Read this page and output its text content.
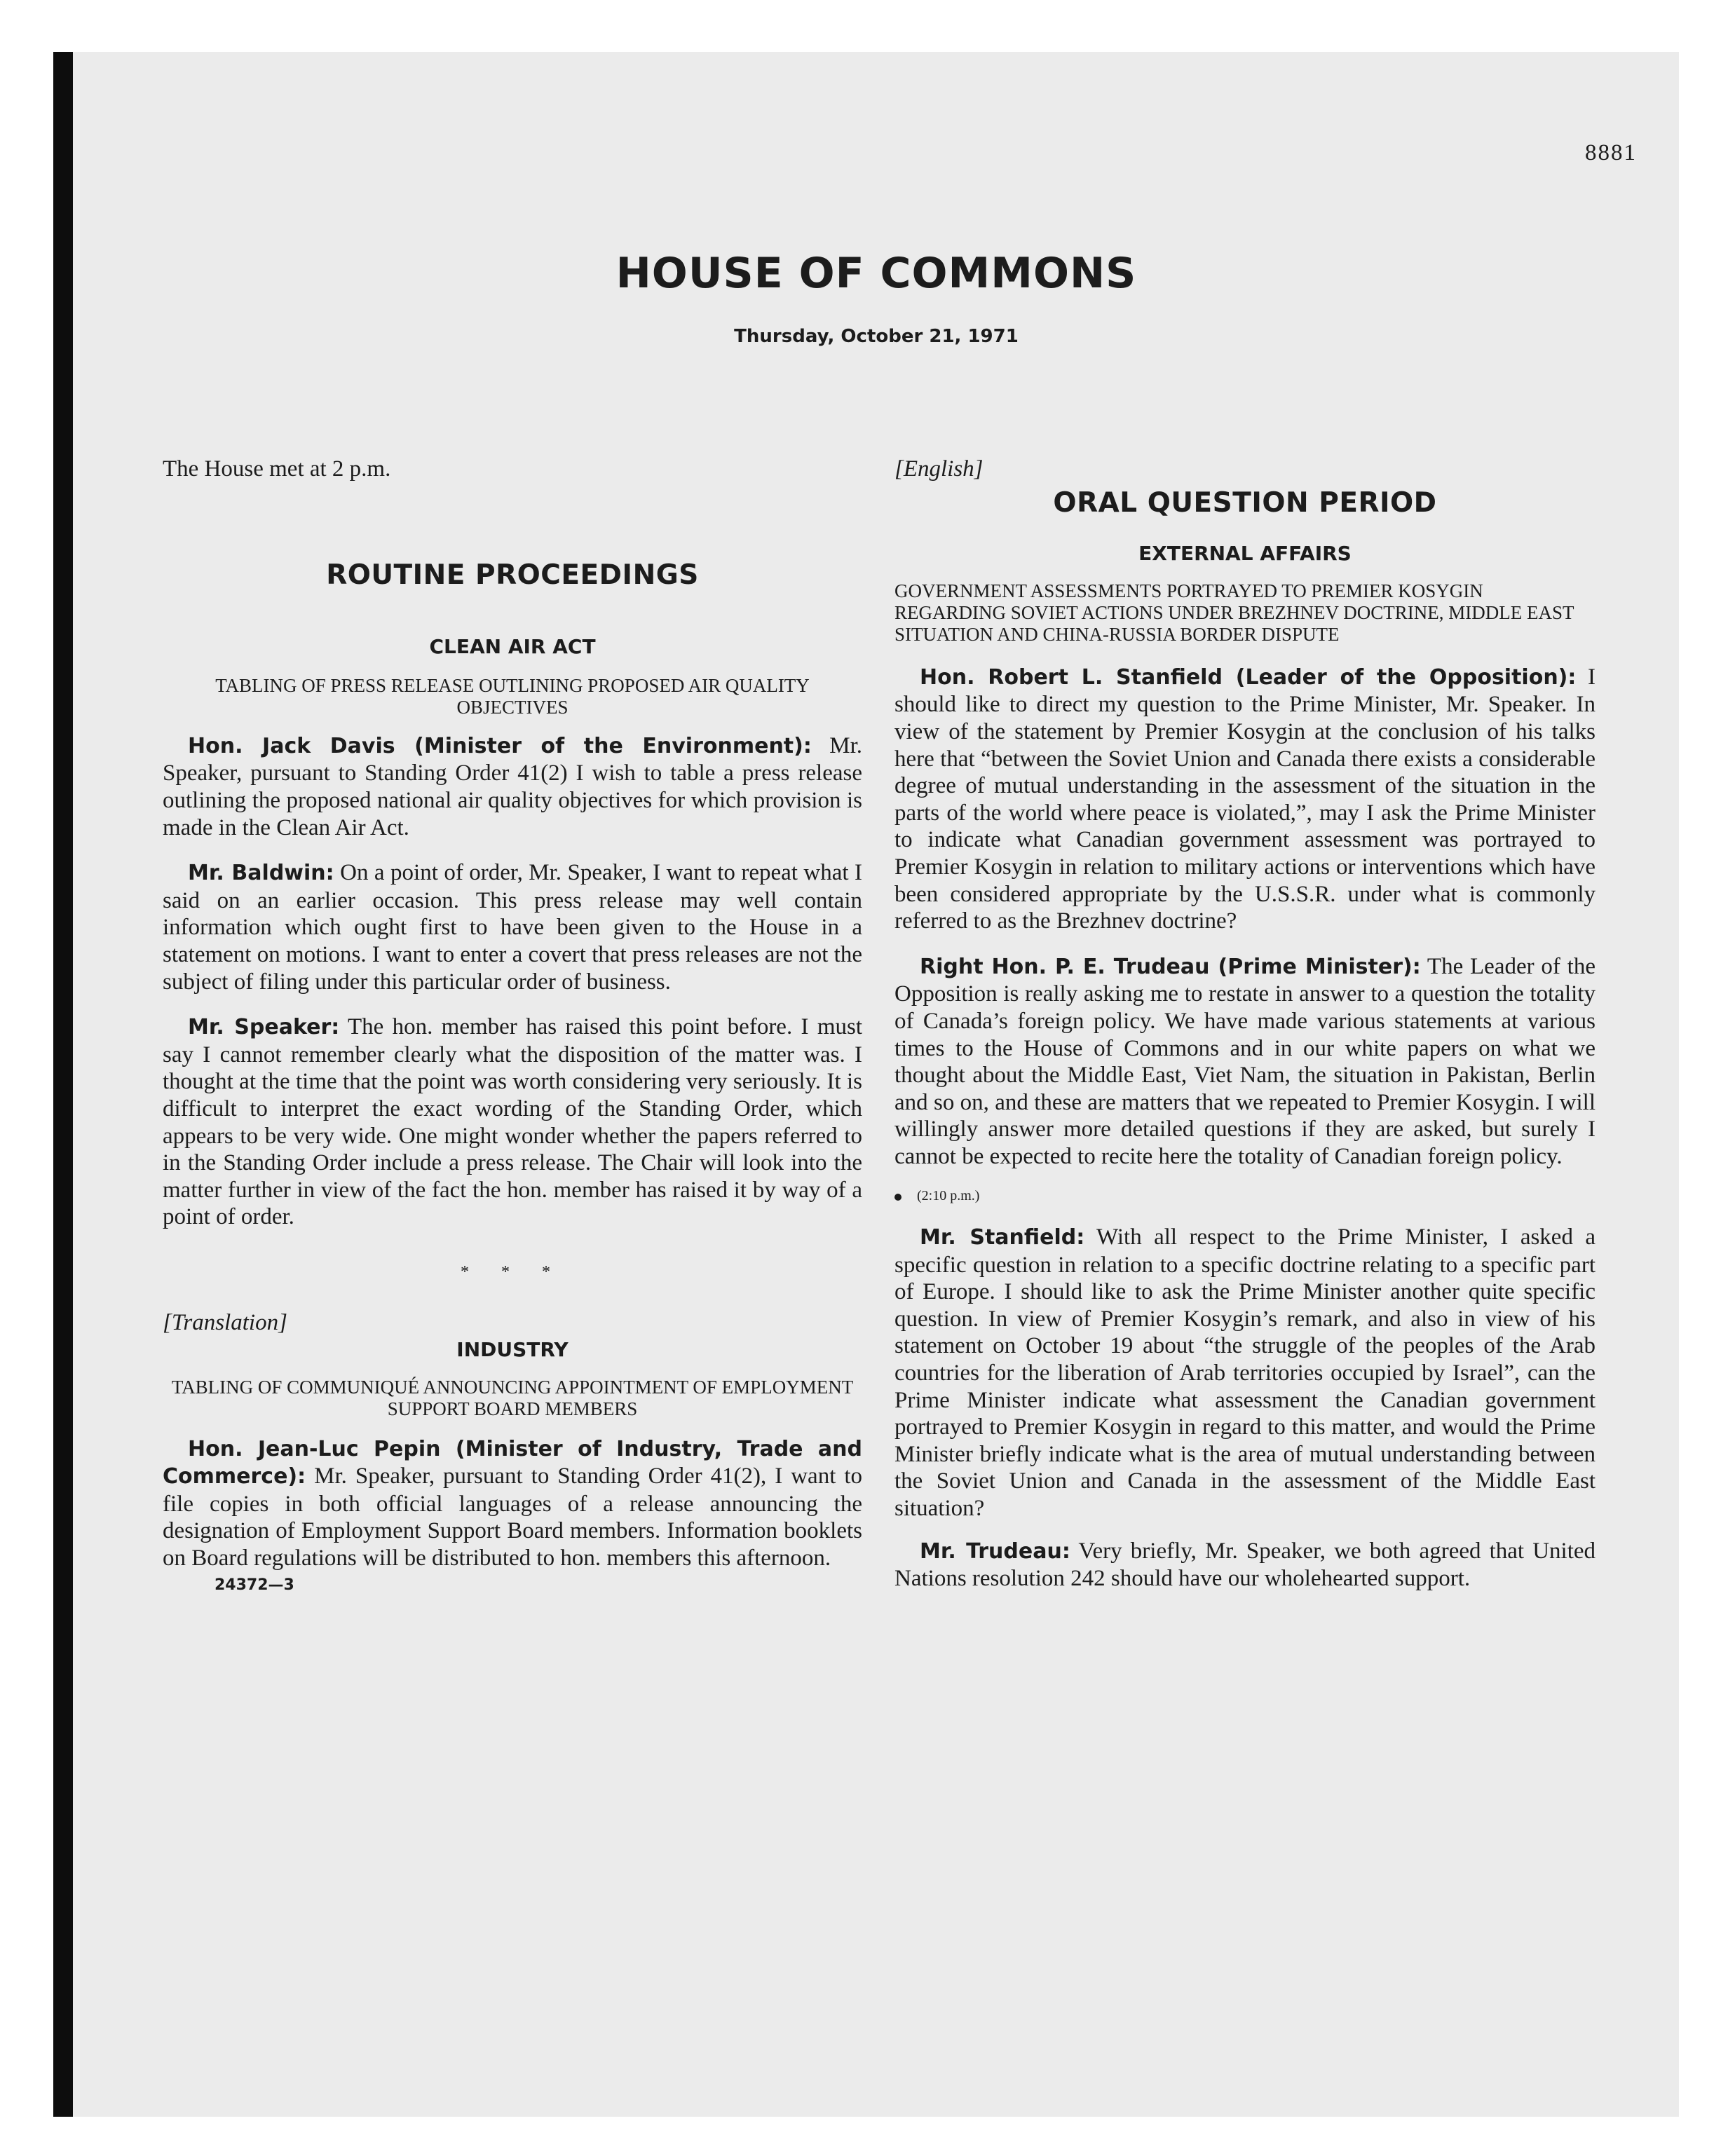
8881
HOUSE OF COMMONS
Thursday, October 21, 1971

The House met at 2 p.m.

ROUTINE PROCEEDINGS
CLEAN AIR ACT
TABLING OF PRESS RELEASE OUTLINING PROPOSED AIR QUALITY OBJECTIVES

Hon. Jack Davis (Minister of the Environment): Mr. Speaker, pursuant to Standing Order 41(2) I wish to table a press release outlining the proposed national air quality objectives for which provision is made in the Clean Air Act.

Mr. Baldwin: On a point of order, Mr. Speaker, I want to repeat what I said on an earlier occasion. This press release may well contain information which ought first to have been given to the House in a statement on motions. I want to enter a covert that press releases are not the subject of filing under this particular order of business.

Mr. Speaker: The hon. member has raised this point before. I must say I cannot remember clearly what the disposition of the matter was. I thought at the time that the point was worth considering very seriously. It is difficult to interpret the exact wording of the Standing Order, which appears to be very wide. One might wonder whether the papers referred to in the Standing Order include a press release. The Chair will look into the matter further in view of the fact the hon. member has raised it by way of a point of order.

* * *

[Translation]

INDUSTRY
TABLING OF COMMUNIQUÉ ANNOUNCING APPOINTMENT OF EMPLOYMENT SUPPORT BOARD MEMBERS

Hon. Jean-Luc Pepin (Minister of Industry, Trade and Commerce): Mr. Speaker, pursuant to Standing Order 41(2), I want to file copies in both official languages of a release announcing the designation of Employment Support Board members. Information booklets on Board regulations will be distributed to hon. members this afternoon.

24372—3

[English]

ORAL QUESTION PERIOD
EXTERNAL AFFAIRS
GOVERNMENT ASSESSMENTS PORTRAYED TO PREMIER KOSYGIN REGARDING SOVIET ACTIONS UNDER BREZHNEV DOCTRINE, MIDDLE EAST SITUATION AND CHINA-RUSSIA BORDER DISPUTE

Hon. Robert L. Stanfield (Leader of the Opposition): I should like to direct my question to the Prime Minister, Mr. Speaker. In view of the statement by Premier Kosygin at the conclusion of his talks here that “between the Soviet Union and Canada there exists a considerable degree of mutual understanding in the assessment of the situation in the parts of the world where peace is violated,”, may I ask the Prime Minister to indicate what Canadian government assessment was portrayed to Premier Kosygin in relation to military actions or interventions which have been considered appropriate by the U.S.S.R. under what is commonly referred to as the Brezhnev doctrine?

Right Hon. P. E. Trudeau (Prime Minister): The Leader of the Opposition is really asking me to restate in answer to a question the totality of Canada’s foreign policy. We have made various statements at various times to the House of Commons and in our white papers on what we thought about the Middle East, Viet Nam, the situation in Pakistan, Berlin and so on, and these are matters that we repeated to Premier Kosygin. I will willingly answer more detailed questions if they are asked, but surely I cannot be expected to recite here the totality of Canadian foreign policy.

(2:10 p.m.)

Mr. Stanfield: With all respect to the Prime Minister, I asked a specific question in relation to a specific doctrine relating to a specific part of Europe. I should like to ask the Prime Minister another quite specific question. In view of Premier Kosygin’s remark, and also in view of his statement on October 19 about “the struggle of the peoples of the Arab countries for the liberation of Arab territories occupied by Israel”, can the Prime Minister indicate what assessment the Canadian government portrayed to Premier Kosygin in regard to this matter, and would the Prime Minister briefly indicate what is the area of mutual understanding between the Soviet Union and Canada in the assessment of the Middle East situation?

Mr. Trudeau: Very briefly, Mr. Speaker, we both agreed that United Nations resolution 242 should have our wholehearted support.
